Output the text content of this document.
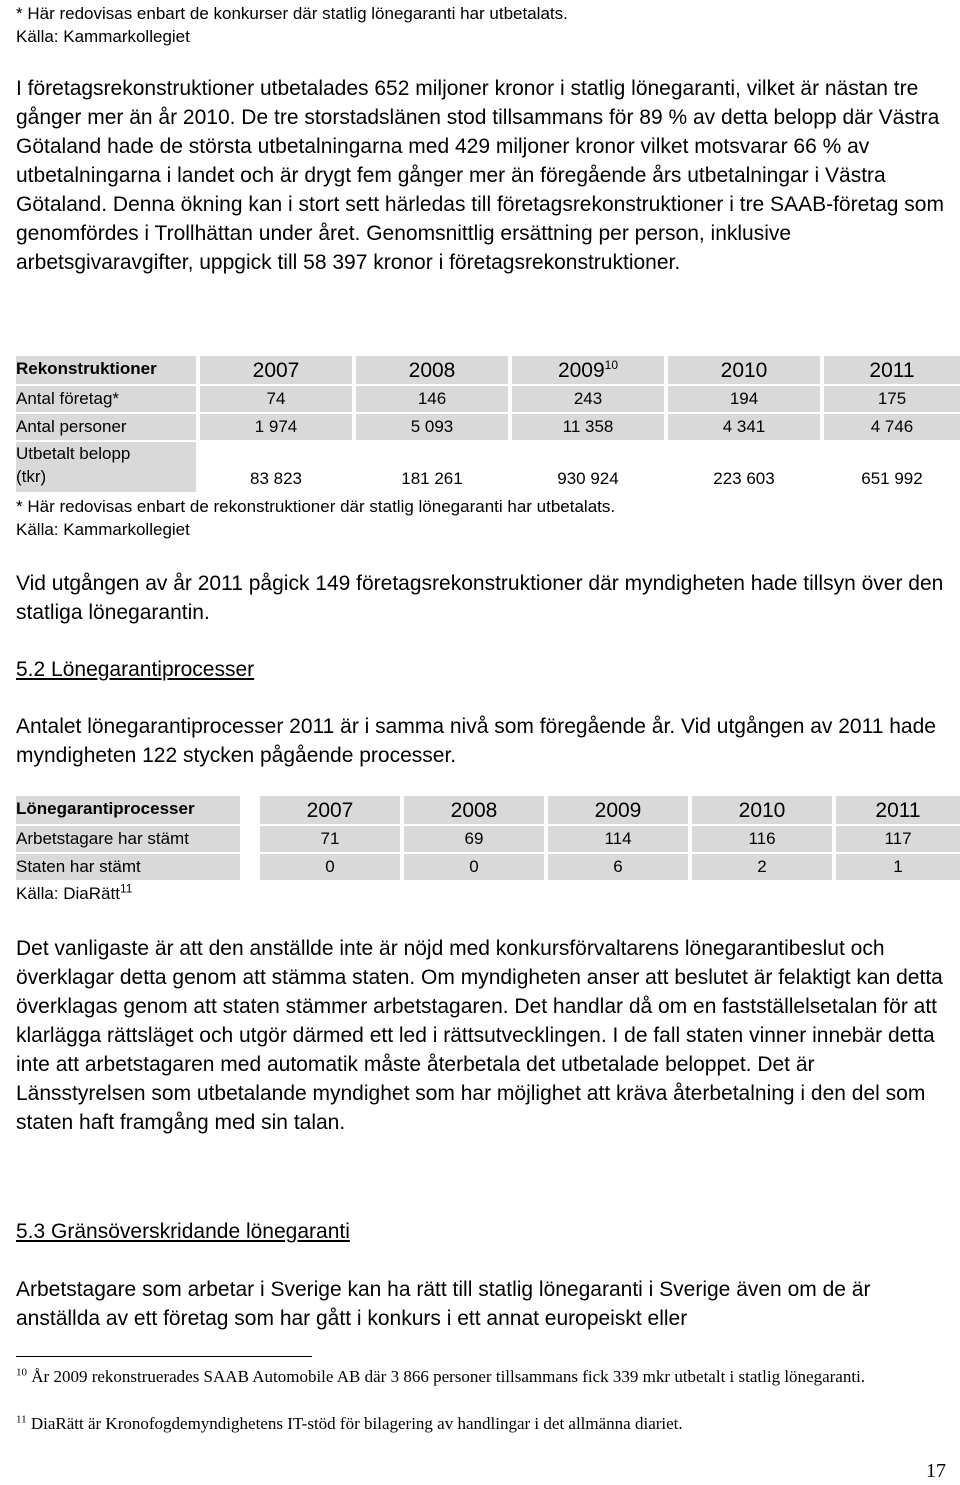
* Här redovisas enbart de konkurser där statlig lönegaranti har utbetalats.
Källa: Kammarkollegiet

I företagsrekonstruktioner utbetalades 652 miljoner kronor i statlig lönegaranti, vilket är nästan tre gånger mer än år 2010. De tre storstadslänen stod tillsammans för 89 % av detta belopp där Västra Götaland hade de största utbetalningarna med 429 miljoner kronor vilket motsvarar 66 % av utbetalningarna i landet och är drygt fem gånger mer än föregående års utbetalningar i Västra Götaland. Denna ökning kan i stort sett härledas till företagsrekonstruktioner i tre SAAB-företag som genomfördes i Trollhättan under året. Genomsnittlig ersättning per person, inklusive arbetsgivaravgifter, uppgick till 58 397 kronor i företagsrekonstruktioner.

Rekonstruktioner	2007	2008	2009$^{10}$	2010	2011
Antal företag*	74	146	243	194	175
Antal personer	1 974	5 093	11 358	4 341	4 746
Utbetalt belopp
(tkr)	83 823	181 261	930 924	223 603	651 992
* Här redovisas enbart de rekonstruktioner där statlig lönegaranti har utbetalats.
Källa: Kammarkollegiet

Vid utgången av år 2011 pågick 149 företagsrekonstruktioner där myndigheten hade tillsyn över den statliga lönegarantin.

5.2 Lönegarantiprocesser

Antalet lönegarantiprocesser 2011 är i samma nivå som föregående år. Vid utgången av 2011 hade myndigheten 122 stycken pågående processer.

Lönegarantiprocesser	2007	2008	2009	2010	2011
Arbetstagare har stämt	71	69	114	116	117
Staten har stämt	0	0	6	2	1
Källa: DiaRätt$^{11}$

Det vanligaste är att den anställde inte är nöjd med konkursförvaltarens lönegarantibeslut och överklagar detta genom att stämma staten. Om myndigheten anser att beslutet är felaktigt kan detta överklagas genom att staten stämmer arbetstagaren. Det handlar då om en fastställelsetalan för att klarlägga rättsläget och utgör därmed ett led i rättsutvecklingen. I de fall staten vinner innebär detta inte att arbetstagaren med automatik måste återbetala det utbetalade beloppet. Det är Länsstyrelsen som utbetalande myndighet som har möjlighet att kräva återbetalning i den del som staten haft framgång med sin talan.

5.3 Gränsöverskridande lönegaranti

Arbetstagare som arbetar i Sverige kan ha rätt till statlig lönegaranti i Sverige även om de är anställda av ett företag som har gått i konkurs i ett annat europeiskt eller

$^{10}$ År 2009 rekonstruerades SAAB Automobile AB där 3 866 personer tillsammans fick 339 mkr utbetalt i statlig lönegaranti.
$^{11}$ DiaRätt är Kronofogdemyndighetens IT-stöd för bilagering av handlingar i det allmänna diariet.
17
